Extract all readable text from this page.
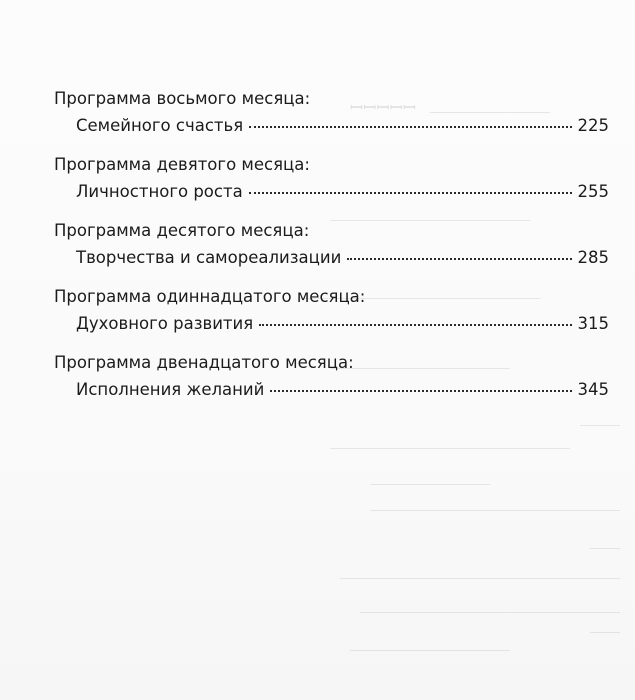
ꟷꟷꟷꟷꟷ
Программа восьмого месяца:
Семейного счастья	225
Программа девятого месяца:
Личностного роста	255
Программа десятого месяца:
Творчества и самореализации	285
Программа одиннадцатого месяца:
Духовного развития	315
Программа двенадцатого месяца:
Исполнения желаний	345
